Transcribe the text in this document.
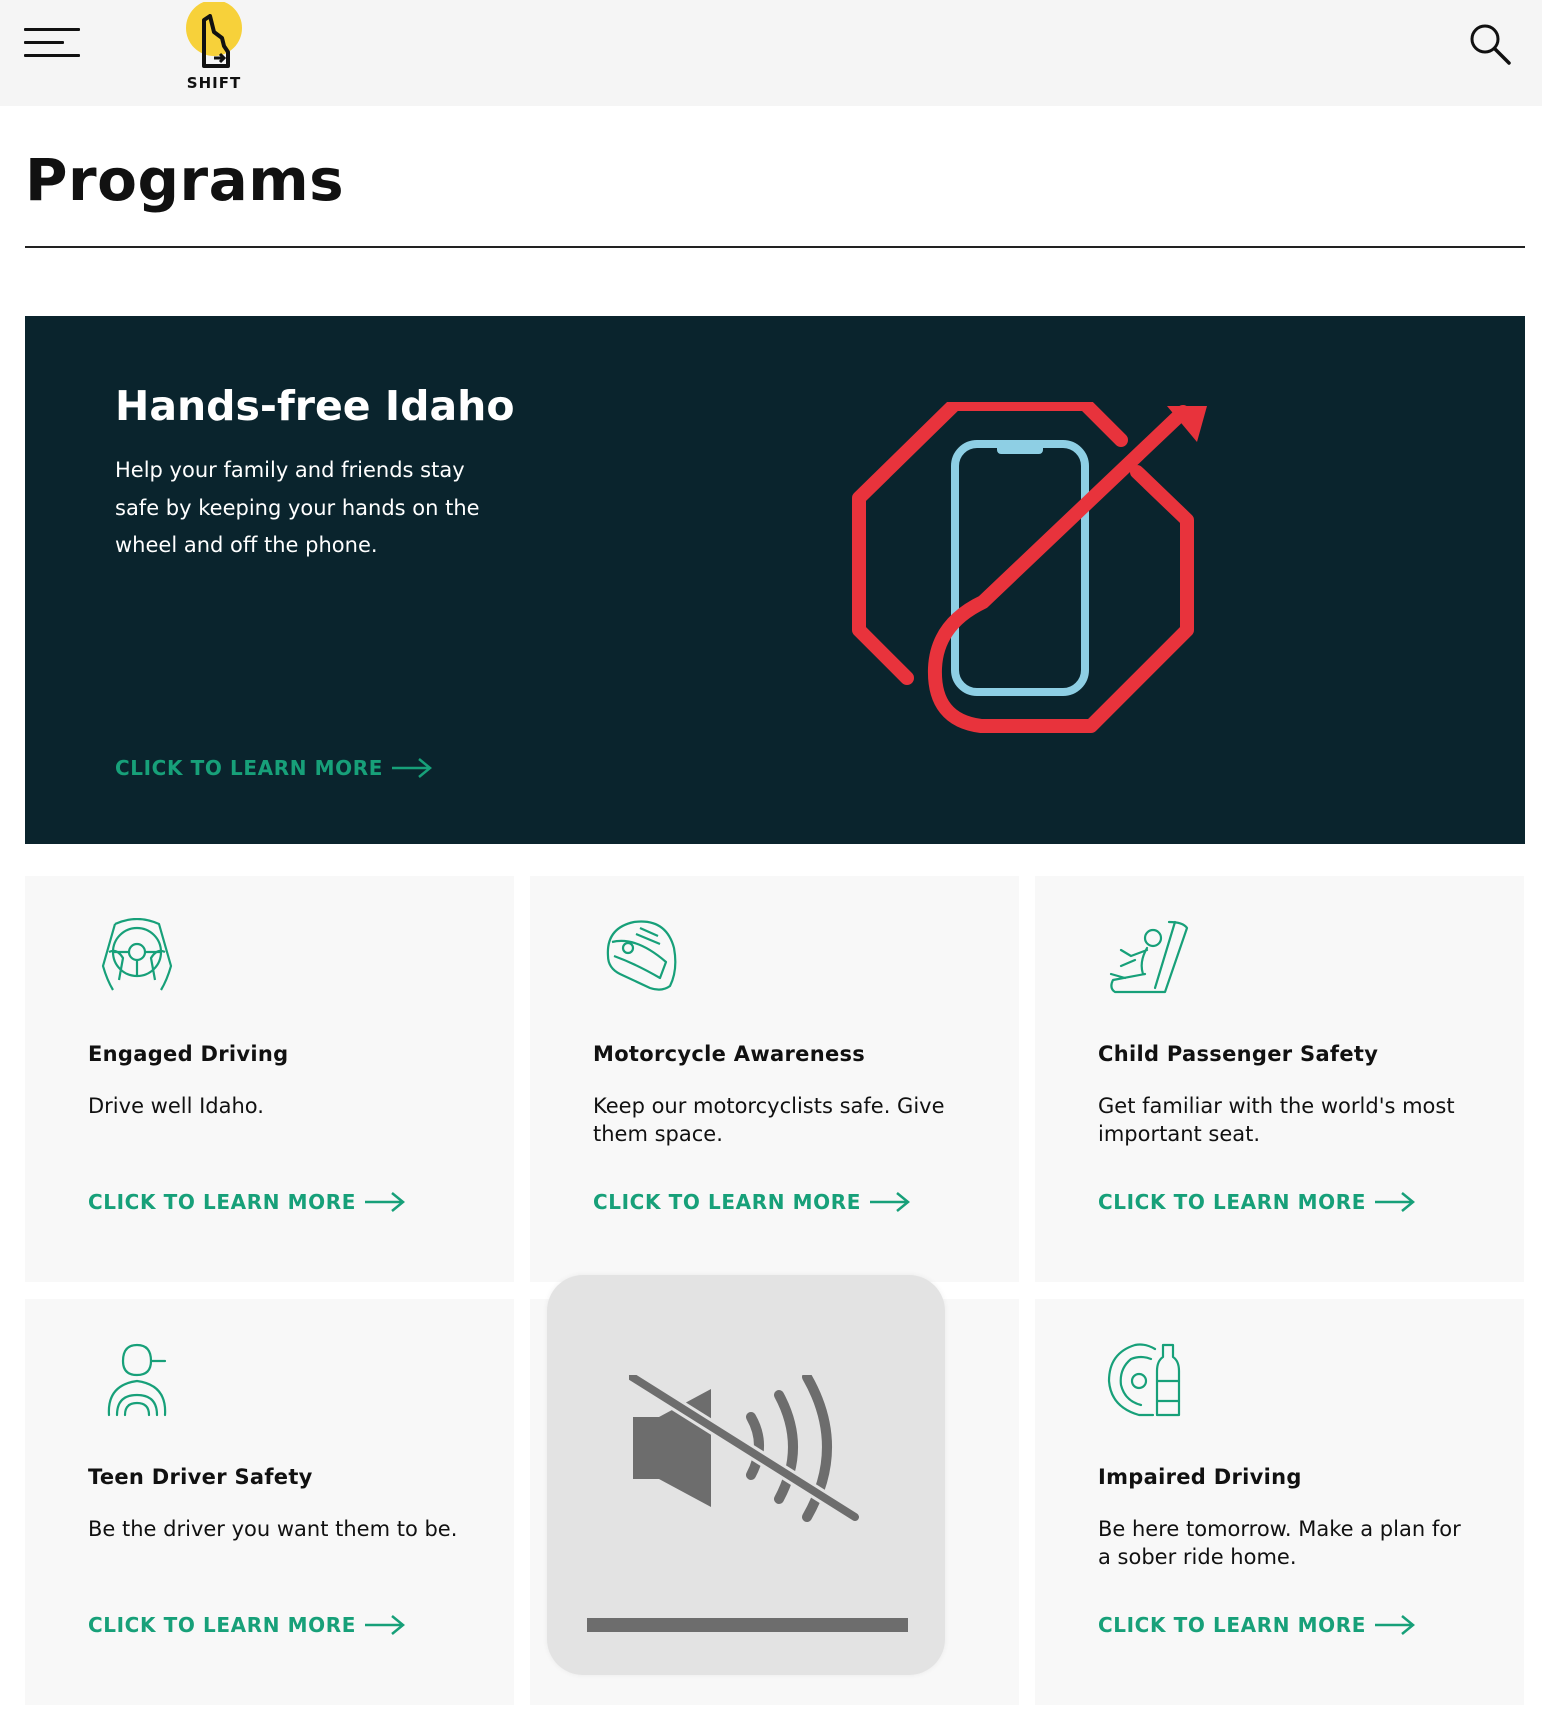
SHIFT
Programs
Hands-free Idaho
Help your family and friends stay safe by keeping your hands on the wheel and off the phone.
CLICK TO LEARN MORE
Engaged Driving
Drive well Idaho.
CLICK TO LEARN MORE
Motorcycle Awareness
Keep our motorcyclists safe. Give them space.
CLICK TO LEARN MORE
Child Passenger Safety
Get familiar with the world's most important seat.
CLICK TO LEARN MORE
Teen Driver Safety
Be the driver you want them to be.
CLICK TO LEARN MORE
Impaired Driving
Be here tomorrow. Make a plan for a sober ride home.
CLICK TO LEARN MORE
